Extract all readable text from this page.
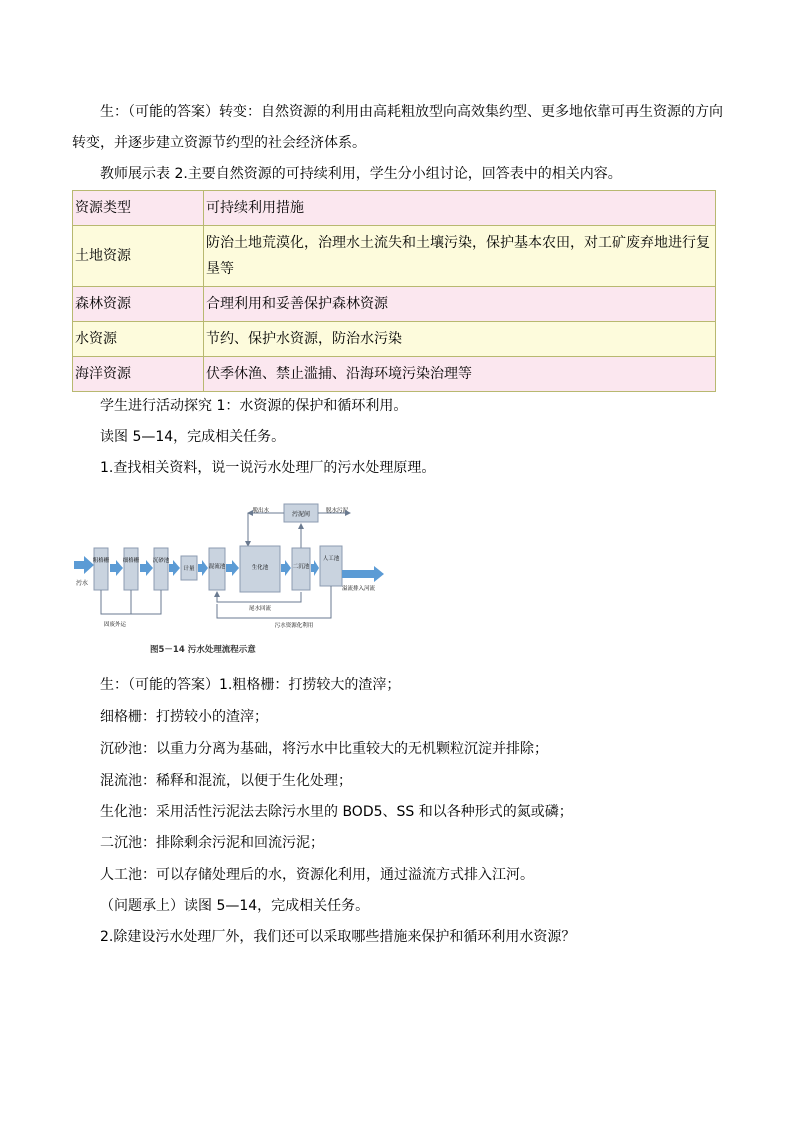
生：（可能的答案）转变：自然资源的利用由高耗粗放型向高效集约型、更多地依靠可再生资源的方向转变，并逐步建立资源节约型的社会经济体系。

教师展示表 2.主要自然资源的可持续利用，学生分小组讨论，回答表中的相关内容。

资源类型	可持续利用措施
土地资源	防治土地荒漠化，治理水土流失和土壤污染，保护基本农田，对工矿废弃地进行复垦等
森林资源	合理利用和妥善保护森林资源
水资源	节约、保护水资源，防治水污染
海洋资源	伏季休渔、禁止滥捕、沿海环境污染治理等

学生进行活动探究 1：水资源的保护和循环利用。

读图 5—14，完成相关任务。

1.查找相关资料，说一说污水处理厂的污水处理原理。

污泥间
脱出水	脱水污泥
污水
粗格栅 细格栅 沉砂池
计量	混流池	生化池	二沉池
人工池
溢流排入河流
尾水回流
污水资源化利用
固废外运
图5－14 污水处理流程示意

生：（可能的答案）1.粗格栅：打捞较大的渣滓；

细格栅：打捞较小的渣滓；

沉砂池：以重力分离为基础，将污水中比重较大的无机颗粒沉淀并排除；

混流池：稀释和混流，以便于生化处理；

生化池：采用活性污泥法去除污水里的 BOD5、SS 和以各种形式的氮或磷；

二沉池：排除剩余污泥和回流污泥；

人工池：可以存储处理后的水，资源化利用，通过溢流方式排入江河。

（问题承上）读图 5—14，完成相关任务。

2.除建设污水处理厂外，我们还可以采取哪些措施来保护和循环利用水资源？
